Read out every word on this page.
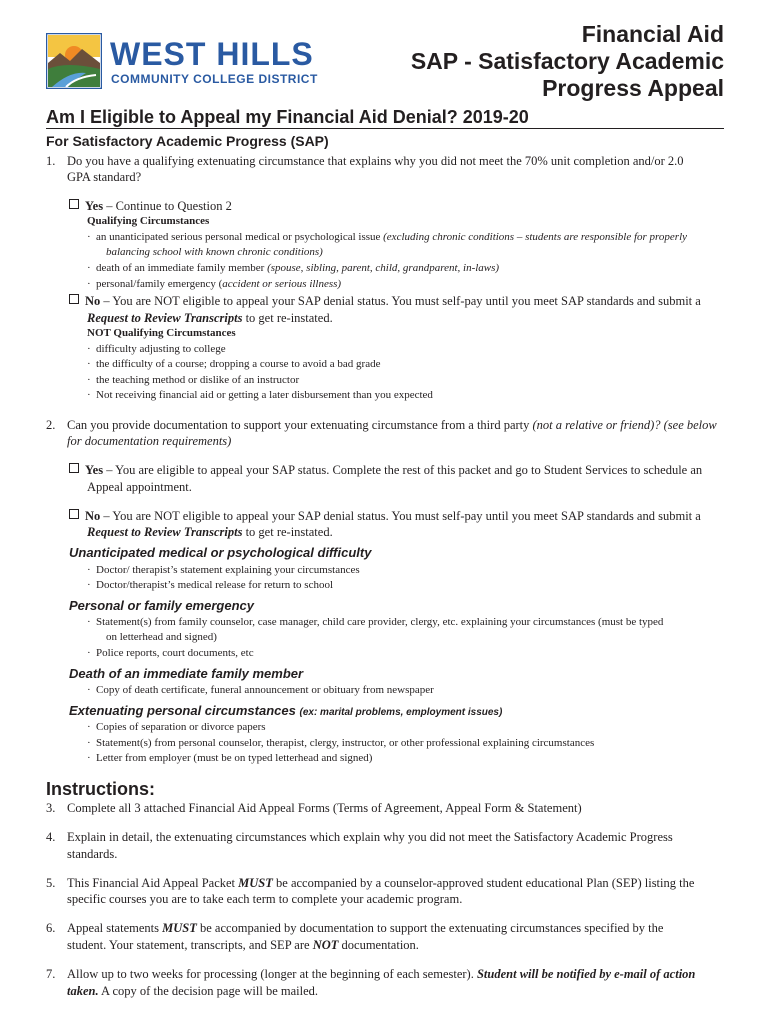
WEST HILLS
COMMUNITY COLLEGE DISTRICT
Financial Aid
SAP - Satisfactory Academic
Progress Appeal
Am I Eligible to Appeal my Financial Aid Denial? 2019-20
For Satisfactory Academic Progress (SAP)
1. Do you have a qualifying extenuating circumstance that explains why you did not meet the 70% unit completion and/or 2.0
GPA standard?
Yes – Continue to Question 2
Qualifying Circumstances
· an unanticipated serious personal medical or psychological issue (excluding chronic conditions – students are responsible for properly
balancing school with known chronic conditions)
· death of an immediate family member (spouse, sibling, parent, child, grandparent, in-laws)
· personal/family emergency (accident or serious illness)
No – You are NOT eligible to appeal your SAP denial status. You must self-pay until you meet SAP standards and submit a
Request to Review Transcripts to get re-instated.
NOT Qualifying Circumstances
· difficulty adjusting to college
· the difficulty of a course; dropping a course to avoid a bad grade
· the teaching method or dislike of an instructor
· Not receiving financial aid or getting a later disbursement than you expected
2. Can you provide documentation to support your extenuating circumstance from a third party (not a relative or friend)? (see below
for documentation requirements)
Yes – You are eligible to appeal your SAP status. Complete the rest of this packet and go to Student Services to schedule an
Appeal appointment.
No – You are NOT eligible to appeal your SAP denial status. You must self-pay until you meet SAP standards and submit a
Request to Review Transcripts to get re-instated.
Unanticipated medical or psychological difficulty
· Doctor/ therapist’s statement explaining your circumstances
· Doctor/therapist’s medical release for return to school
Personal or family emergency
· Statement(s) from family counselor, case manager, child care provider, clergy, etc. explaining your circumstances (must be typed
on letterhead and signed)
· Police reports, court documents, etc
Death of an immediate family member
· Copy of death certificate, funeral announcement or obituary from newspaper
Extenuating personal circumstances (ex: marital problems, employment issues)
· Copies of separation or divorce papers
· Statement(s) from personal counselor, therapist, clergy, instructor, or other professional explaining circumstances
· Letter from employer (must be on typed letterhead and signed)
Instructions:
3. Complete all 3 attached Financial Aid Appeal Forms (Terms of Agreement, Appeal Form & Statement)
4. Explain in detail, the extenuating circumstances which explain why you did not meet the Satisfactory Academic Progress
standards.
5. This Financial Aid Appeal Packet MUST be accompanied by a counselor-approved student educational Plan (SEP) listing the
specific courses you are to take each term to complete your academic program.
6. Appeal statements MUST be accompanied by documentation to support the extenuating circumstances specified by the
student. Your statement, transcripts, and SEP are NOT documentation.
7. Allow up to two weeks for processing (longer at the beginning of each semester). Student will be notified by e-mail of action
taken. A copy of the decision page will be mailed.
